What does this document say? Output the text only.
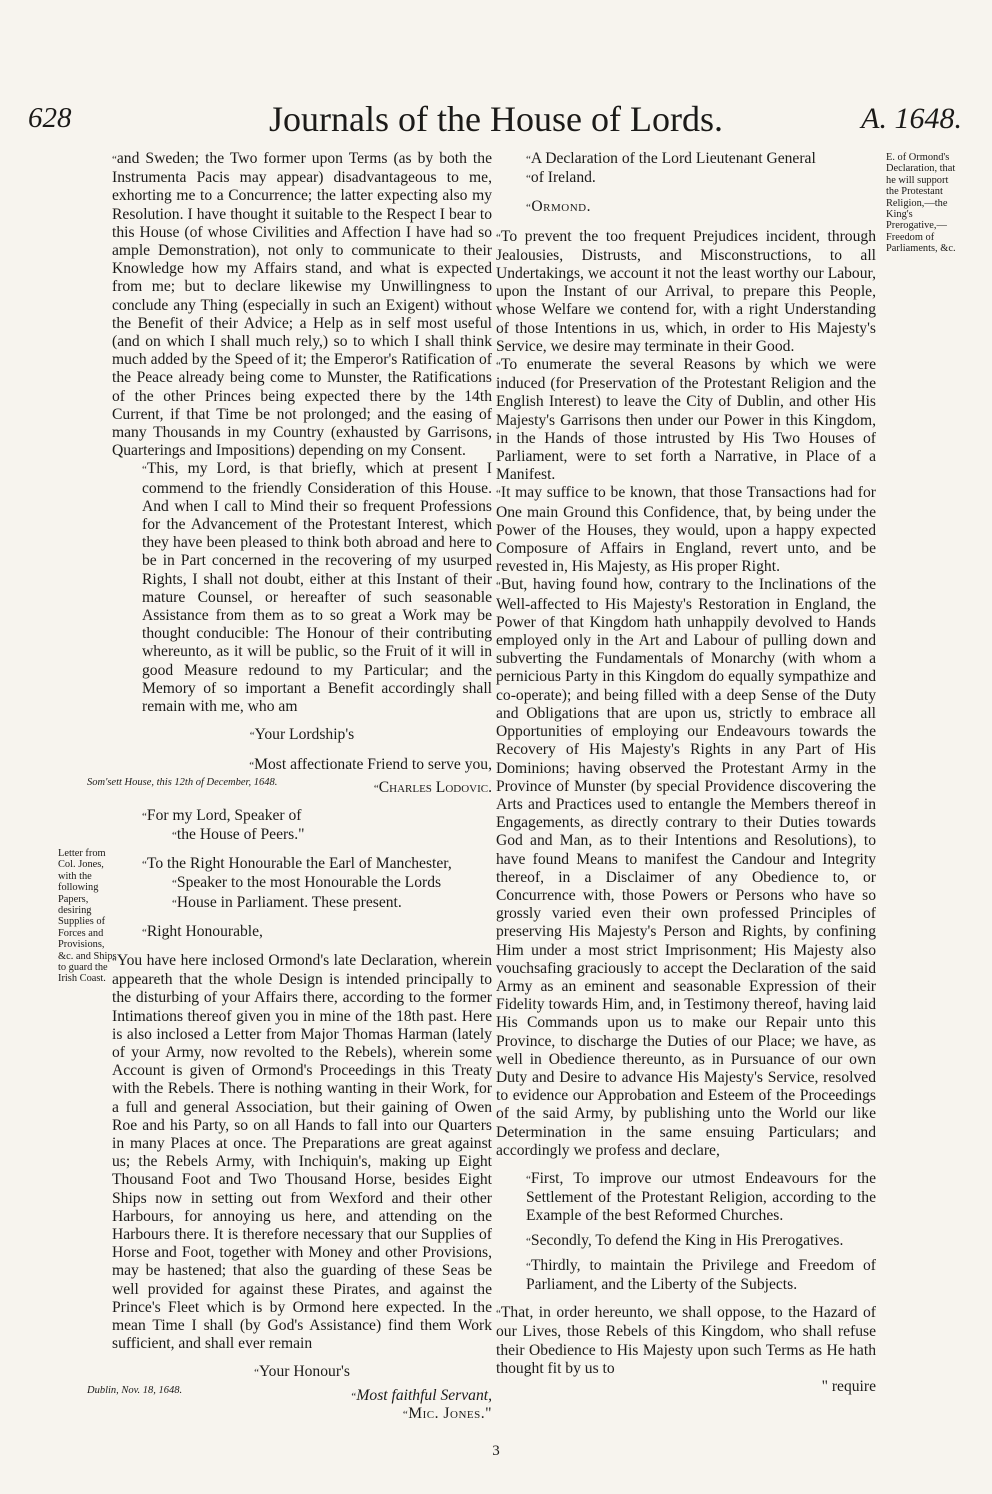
628	Journals of the House of Lords.	A. 1648.
Letter from Col. Jones, with the following Papers, desiring Supplies of Forces and Provisions, &c. and Ships to guard the Irish Coast.
E. of Ormond's Declaration, that he will support the Protestant Religion,—the King's Prerogative,—Freedom of Parliaments, &c.

“ and Sweden; the Two former upon Terms (as by both the Instrumenta Pacis may appear) disadvantageous to me, exhorting me to a Concurrence; the latter expecting also my Resolution. I have thought it suitable to the Respect I bear to this House (of whose Civilities and Affection I have had so ample Demonstration), not only to communicate to their Knowledge how my Affairs stand, and what is expected from me; but to declare likewise my Unwillingness to conclude any Thing (especially in such an Exigent) without the Benefit of their Advice; a Help as in self most useful (and on which I shall much rely,) so to which I shall think much added by the Speed of it; the Emperor's Ratification of the Peace already being come to Munster, the Ratifications of the other Princes being expected there by the 14th Current, if that Time be not prolonged; and the easing of many Thousands in my Country (exhausted by Garrisons, Quarterings and Impositions) depending on my Consent.

“ This, my Lord, is that briefly, which at present I commend to the friendly Consideration of this House. And when I call to Mind their so frequent Professions for the Advancement of the Protestant Interest, which they have been pleased to think both abroad and here to be in Part concerned in the recovering of my usurped Rights, I shall not doubt, either at this Instant of their mature Counsel, or hereafter of such seasonable Assistance from them as to so great a Work may be thought conducible: The Honour of their contributing whereunto, as it will be public, so the Fruit of it will in good Measure redound to my Particular; and the Memory of so important a Benefit accordingly shall remain with me, who am

“ Your Lordship's

“ Most affectionate Friend to serve you,

Som'sett House, this 12th of December, 1648.	“ Charles Lodovic.

“ For my Lord, Speaker of

“ the House of Peers."

“ To the Right Honourable the Earl of Manchester,

“ Speaker to the most Honourable the Lords

“ House in Parliament. These present.

“ Right Honourable,

“ You have here inclosed Ormond's late Declaration, wherein appeareth that the whole Design is intended principally to the disturbing of your Affairs there, according to the former Intimations thereof given you in mine of the 18th past. Here is also inclosed a Letter from Major Thomas Harman (lately of your Army, now revolted to the Rebels), wherein some Account is given of Ormond's Proceedings in this Treaty with the Rebels. There is nothing wanting in their Work, for a full and general Association, but their gaining of Owen Roe and his Party, so on all Hands to fall into our Quarters in many Places at once. The Preparations are great against us; the Rebels Army, with Inchiquin's, making up Eight Thousand Foot and Two Thousand Horse, besides Eight Ships now in setting out from Wexford and their other Harbours, for annoying us here, and attending on the Harbours there. It is therefore necessary that our Supplies of Horse and Foot, together with Money and other Provisions, may be hastened; that also the guarding of these Seas be well provided for against these Pirates, and against the Prince's Fleet which is by Ormond here expected. In the mean Time I shall (by God's Assistance) find them Work sufficient, and shall ever remain

“ Your Honour's

Dublin, Nov. 18, 1648.	“ Most faithful Servant,

“ Mic. Jones."

“ A Declaration of the Lord Lieutenant General

“ of Ireland.

“ Ormond.

“ To prevent the too frequent Prejudices incident, through Jealousies, Distrusts, and Misconstructions, to all Undertakings, we account it not the least worthy our Labour, upon the Instant of our Arrival, to prepare this People, whose Welfare we contend for, with a right Understanding of those Intentions in us, which, in order to His Majesty's Service, we desire may terminate in their Good.

“ To enumerate the several Reasons by which we were induced (for Preservation of the Protestant Religion and the English Interest) to leave the City of Dublin, and other His Majesty's Garrisons then under our Power in this Kingdom, in the Hands of those intrusted by His Two Houses of Parliament, were to set forth a Narrative, in Place of a Manifest.

“ It may suffice to be known, that those Transactions had for One main Ground this Confidence, that, by being under the Power of the Houses, they would, upon a happy expected Composure of Affairs in England, revert unto, and be revested in, His Majesty, as His proper Right.

“ But, having found how, contrary to the Inclinations of the Well-affected to His Majesty's Restoration in England, the Power of that Kingdom hath unhappily devolved to Hands employed only in the Art and Labour of pulling down and subverting the Fundamentals of Monarchy (with whom a pernicious Party in this Kingdom do equally sympathize and co-operate); and being filled with a deep Sense of the Duty and Obligations that are upon us, strictly to embrace all Opportunities of employing our Endeavours towards the Recovery of His Majesty's Rights in any Part of His Dominions; having observed the Protestant Army in the Province of Munster (by special Providence discovering the Arts and Practices used to entangle the Members thereof in Engagements, as directly contrary to their Duties towards God and Man, as to their Intentions and Resolutions), to have found Means to manifest the Candour and Integrity thereof, in a Disclaimer of any Obedience to, or Concurrence with, those Powers or Persons who have so grossly varied even their own professed Principles of preserving His Majesty's Person and Rights, by confining Him under a most strict Imprisonment; His Majesty also vouchsafing graciously to accept the Declaration of the said Army as an eminent and seasonable Expression of their Fidelity towards Him, and, in Testimony thereof, having laid His Commands upon us to make our Repair unto this Province, to discharge the Duties of our Place; we have, as well in Obedience thereunto, as in Pursuance of our own Duty and Desire to advance His Majesty's Service, resolved to evidence our Approbation and Esteem of the Proceedings of the said Army, by publishing unto the World our like Determination in the same ensuing Particulars; and accordingly we profess and declare,

“ First, To improve our utmost Endeavours for the Settlement of the Protestant Religion, according to the Example of the best Reformed Churches.

“ Secondly, To defend the King in His Prerogatives.

“ Thirdly, to maintain the Privilege and Freedom of Parliament, and the Liberty of the Subjects.

“ That, in order hereunto, we shall oppose, to the Hazard of our Lives, those Rebels of this Kingdom, who shall refuse their Obedience to His Majesty upon such Terms as He hath thought fit by us to

" require

3
